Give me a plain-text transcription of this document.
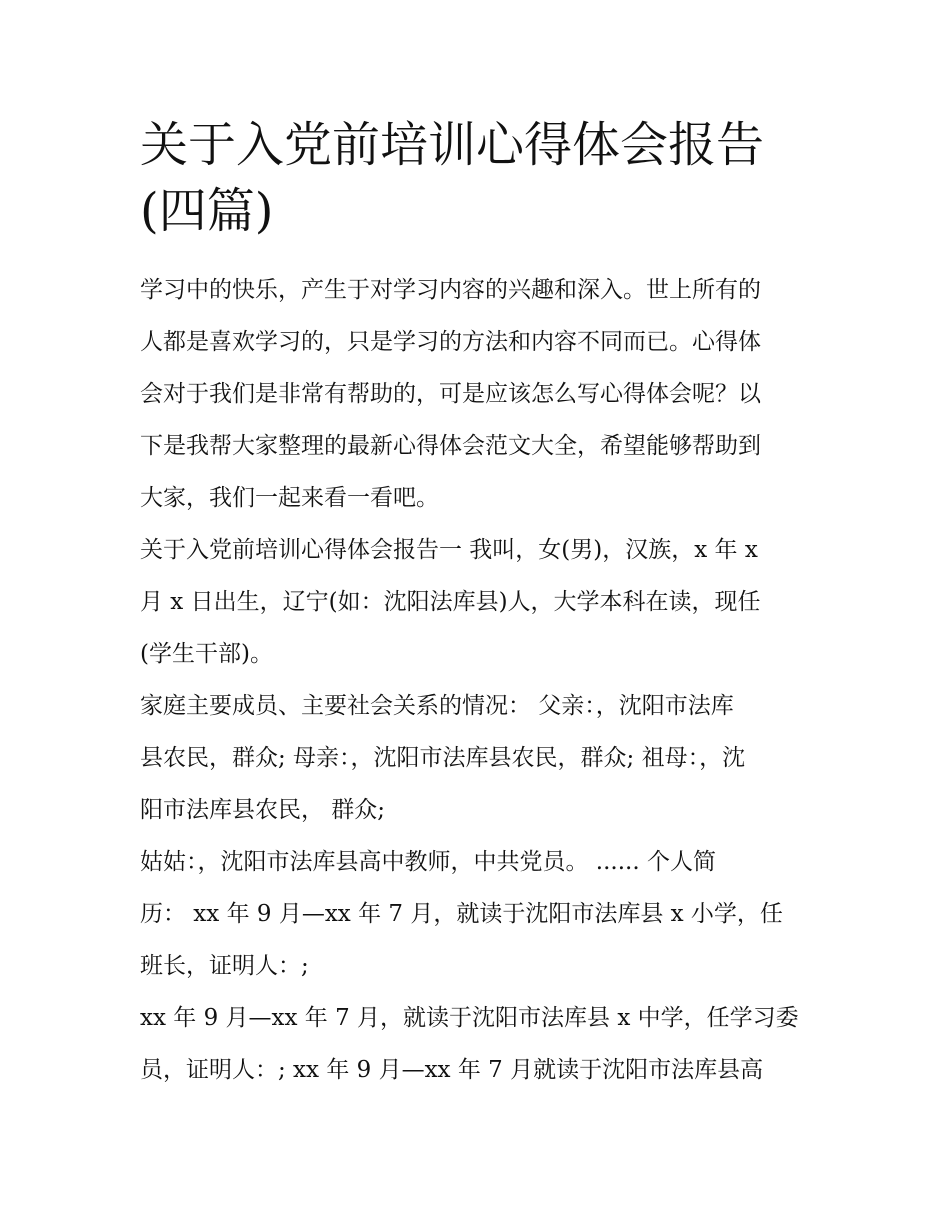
关于入党前培训心得体会报告
(四篇)

学习中的快乐，产生于对学习内容的兴趣和深入。世上所有的
人都是喜欢学习的，只是学习的方法和内容不同而已。心得体
会对于我们是非常有帮助的，可是应该怎么写心得体会呢？以
下是我帮大家整理的最新心得体会范文大全，希望能够帮助到
大家，我们一起来看一看吧。

关于入党前培训心得体会报告一 我叫，女(男)，汉族，x 年 x
月 x 日出生，辽宁(如：沈阳法库县)人，大学本科在读，现任
(学生干部)。

家庭主要成员、主要社会关系的情况： 父亲：，沈阳市法库
县农民，群众; 母亲：，沈阳市法库县农民，群众; 祖母：，沈
阳市法库县农民， 群众;

姑姑：，沈阳市法库县高中教师，中共党员。 ...... 个人简
历： xx 年 9 月—xx 年 7 月，就读于沈阳市法库县 x 小学，任
班长，证明人：;

xx 年 9 月—xx 年 7 月，就读于沈阳市法库县 x 中学，任学习委
员，证明人：; xx 年 9 月—xx 年 7 月就读于沈阳市法库县高
